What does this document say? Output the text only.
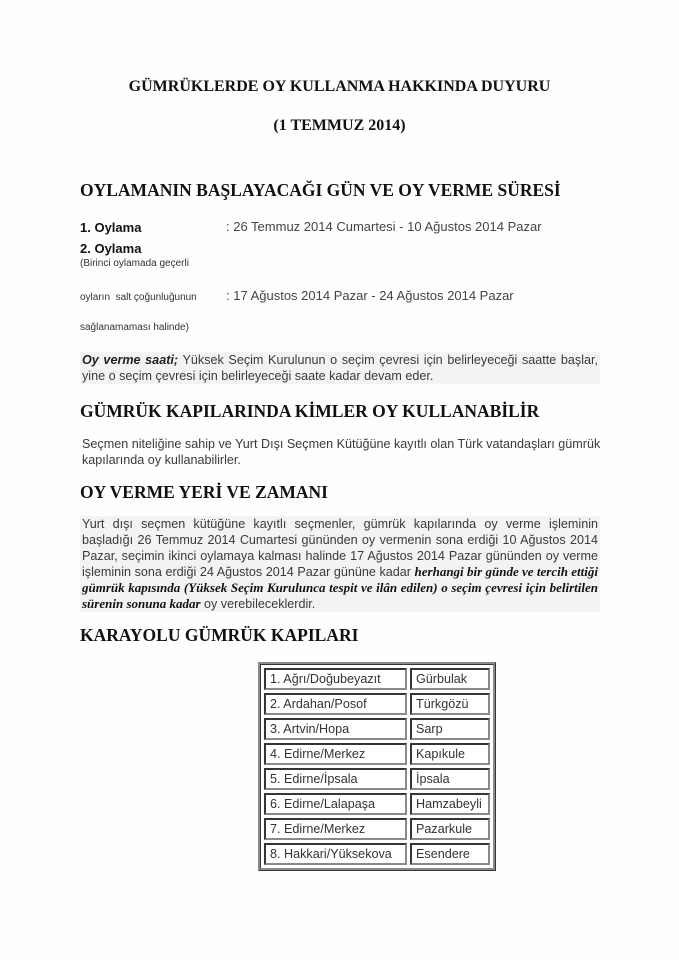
GÜMRÜKLERDE OY KULLANMA HAKKINDA DUYURU
(1 TEMMUZ 2014)
OYLAMANIN BAŞLAYACAĞI GÜN VE OY VERME SÜRESİ
1. Oylama	: 26 Temmuz 2014 Cumartesi - 10 Ağustos 2014 Pazar
2. Oylama
(Birinci oylamada geçerli
oyların  salt çoğunluğunun : 17 Ağustos 2014 Pazar - 24 Ağustos 2014 Pazar
sağlanamaması halinde)
Oy verme saati; Yüksek Seçim Kurulunun o seçim çevresi için belirleyeceği saatte başlar, yine o seçim çevresi için belirleyeceği saate kadar devam eder.
GÜMRÜK KAPILARINDA KİMLER OY KULLANABİLİR
Seçmen niteliğine sahip ve Yurt Dışı Seçmen Kütüğüne kayıtlı olan Türk vatandaşları gümrük kapılarında oy kullanabilirler.
OY VERME YERİ VE ZAMANI
Yurt dışı seçmen kütüğüne kayıtlı seçmenler, gümrük kapılarında oy verme işleminin başladığı 26 Temmuz 2014 Cumartesi gününden oy vermenin sona erdiği 10 Ağustos 2014 Pazar, seçimin ikinci oylamaya kalması halinde 17 Ağustos 2014 Pazar gününden oy verme işleminin sona erdiği 24 Ağustos 2014 Pazar gününe kadar herhangi bir günde ve tercih ettiği gümrük kapısında (Yüksek Seçim Kurulunca tespit ve ilân edilen) o seçim çevresi için belirtilen sürenin sonuna kadar oy verebileceklerdir.
KARAYOLU GÜMRÜK KAPILARI
1. Ağrı/Doğubeyazıt	Gürbulak
2. Ardahan/Posof	Türkgözü
3. Artvin/Hopa	Sarp
4. Edirne/Merkez	Kapıkule
5. Edirne/İpsala	İpsala
6. Edirne/Lalapaşa	Hamzabeyli
7. Edirne/Merkez	Pazarkule
8. Hakkari/Yüksekova	Esendere
